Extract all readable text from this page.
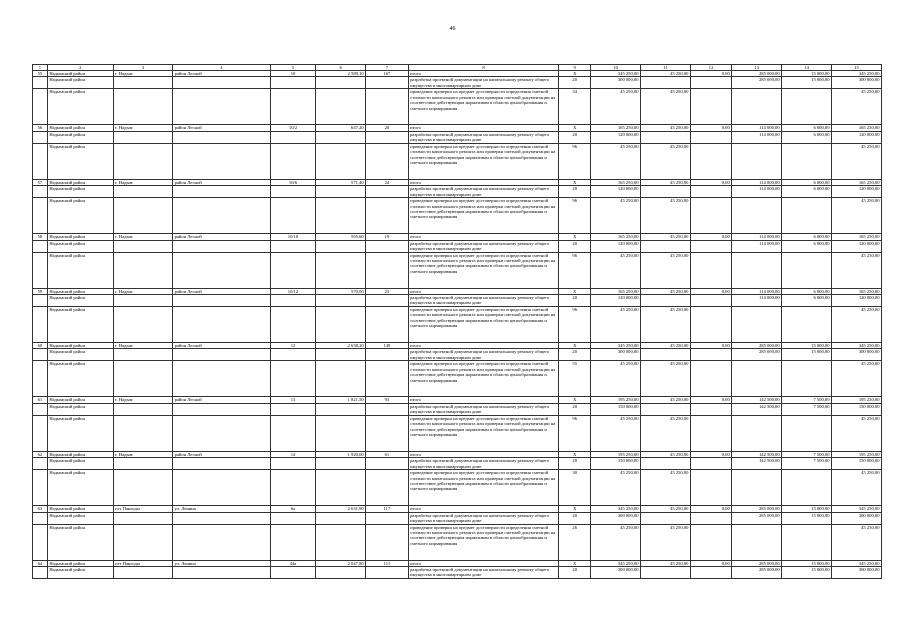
46
1	2	3	4	5	6	7	8	9	10	11	12	13	14	15
55	Надымский район	г. Надым	район Лесной	10	2 589,10	167	итого	X	345 250,00	45 250,00	0,00	285 000,00	15 000,00	345 250,00
	Надымский район						разработка проектной документации на капитальному ремонту общего имущества в многоквартирном доме	20	300 000,00			285 000,00	15 000,00	300 000,00
	Надымский район						проведение проверки на предмет достоверности определения сметной стоимости капитального ремонта или проверки сметной документации на соответствие действующим нормативам в области ценообразования и сметного нормирования	34	45 250,00	45 250,00				45 250,00
56	Надымский район	г. Надым	район Лесной	10/2	647,20	20	итого	X	165 250,00	45 250,00	0,00	114 000,00	6 000,00	165 250,00
	Надымский район						разработка проектной документации на капитальному ремонту общего имущества в многоквартирном доме	20	120 000,00			114 000,00	6 000,00	120 000,00
	Надымский район						проведение проверки на предмет достоверности определения сметной стоимости капитального ремонта или проверки сметной документации на соответствие действующим нормативам в области ценообразования и сметного нормирования	96	45 250,00	45 250,00				45 250,00
57	Надымский район	г. Надым	район Лесной	10/6	571,40	24	итого	X	165 250,00	45 250,00	0,00	114 000,00	6 000,00	165 250,00
	Надымский район						разработка проектной документации на капитальному ремонту общего имущества в многоквартирном доме	20	120 000,00			114 000,00	6 000,00	120 000,00
	Надымский район						проведение проверки на предмет достоверности определения сметной стоимости капитального ремонта или проверки сметной документации на соответствие действующим нормативам в области ценообразования и сметного нормирования	96	45 250,00	45 250,00				45 250,00
58	Надымский район	г. Надым	район Лесной	10/10	595,60	19	итого	X	165 250,00	45 250,00	0,00	114 000,00	6 000,00	165 250,00
	Надымский район						разработка проектной документации на капитальному ремонту общего имущества в многоквартирном доме	20	120 000,00			114 000,00	6 000,00	120 000,00
	Надымский район						проведение проверки на предмет достоверности определения сметной стоимости капитального ремонта или проверки сметной документации на соответствие действующим нормативам в области ценообразования и сметного нормирования	96	45 250,00	45 250,00				45 250,00
59	Надымский район	г. Надым	район Лесной	10/12	570,00	23	итого	X	165 250,00	45 250,00	0,00	114 000,00	6 000,00	165 250,00
	Надымский район						разработка проектной документации на капитальному ремонту общего имущества в многоквартирном доме	20	120 000,00			114 000,00	6 000,00	120 000,00
	Надымский район						проведение проверки на предмет достоверности определения сметной стоимости капитального ремонта или проверки сметной документации на соответствие действующим нормативам в области ценообразования и сметного нормирования	96	45 250,00	45 250,00				45 250,00
60	Надымский район	г. Надым	район Лесной	12	2 638,20	149	итого	X	345 250,00	45 250,00	0,00	285 000,00	15 000,00	345 250,00
	Надымский район						разработка проектной документации на капитальному ремонту общего имущества в многоквартирном доме	20	300 000,00			285 000,00	15 000,00	300 000,00
	Надымский район						проведение проверки на предмет достоверности определения сметной стоимости капитального ремонта или проверки сметной документации на соответствие действующим нормативам в области ценообразования и сметного нормирования	55	45 250,00	45 250,00				45 250,00
61	Надымский район	г. Надым	район Лесной	13	1 821,50	93	итого	X	195 250,00	45 250,00	0,00	142 500,00	7 500,00	195 250,00
	Надымский район						разработка проектной документации на капитальному ремонту общего имущества в многоквартирном доме	20	150 000,00			142 500,00	7 500,00	150 000,00
	Надымский район						проведение проверки на предмет достоверности определения сметной стоимости капитального ремонта или проверки сметной документации на соответствие действующим нормативам в области ценообразования и сметного нормирования	96	45 250,00	45 250,00				45 250,00
62	Надымский район	г. Надым	район Лесной	14	1 920,00	61	итого	X	195 250,00	45 250,00	0,00	142 500,00	7 500,00	195 250,00
	Надымский район						разработка проектной документации на капитальному ремонту общего имущества в многоквартирном доме	20	150 000,00			142 500,00	7 500,00	150 000,00
	Надымский район						проведение проверки на предмет достоверности определения сметной стоимости капитального ремонта или проверки сметной документации на соответствие действующим нормативам в области ценообразования и сметного нормирования	30	45 250,00	45 250,00				45 250,00
63	Надымский район	пгт Пангоды	ул. Ленина	6а	2 631,90	117	итого	X	345 250,00	45 250,00	0,00	285 000,00	15 000,00	345 250,00
	Надымский район						разработка проектной документации на капитальному ремонту общего имущества в многоквартирном доме	20	300 000,00			285 000,00	15 000,00	300 000,00
	Надымский район						проведение проверки на предмет достоверности определения сметной стоимости капитального ремонта или проверки сметной документации на соответствие действующим нормативам в области ценообразования и сметного нормирования	26	45 250,00	45 250,00				45 250,00
64	Надымский район	пгт Пангоды	ул. Ленина	44а	2 047,80	111	итого	X	345 250,00	45 250,00	0,00	285 000,00	15 000,00	345 250,00
	Надымский район						разработка проектной документации на капитальному ремонту общего имущества в многоквартирном доме	20	300 000,00			285 000,00	15 000,00	300 000,00
